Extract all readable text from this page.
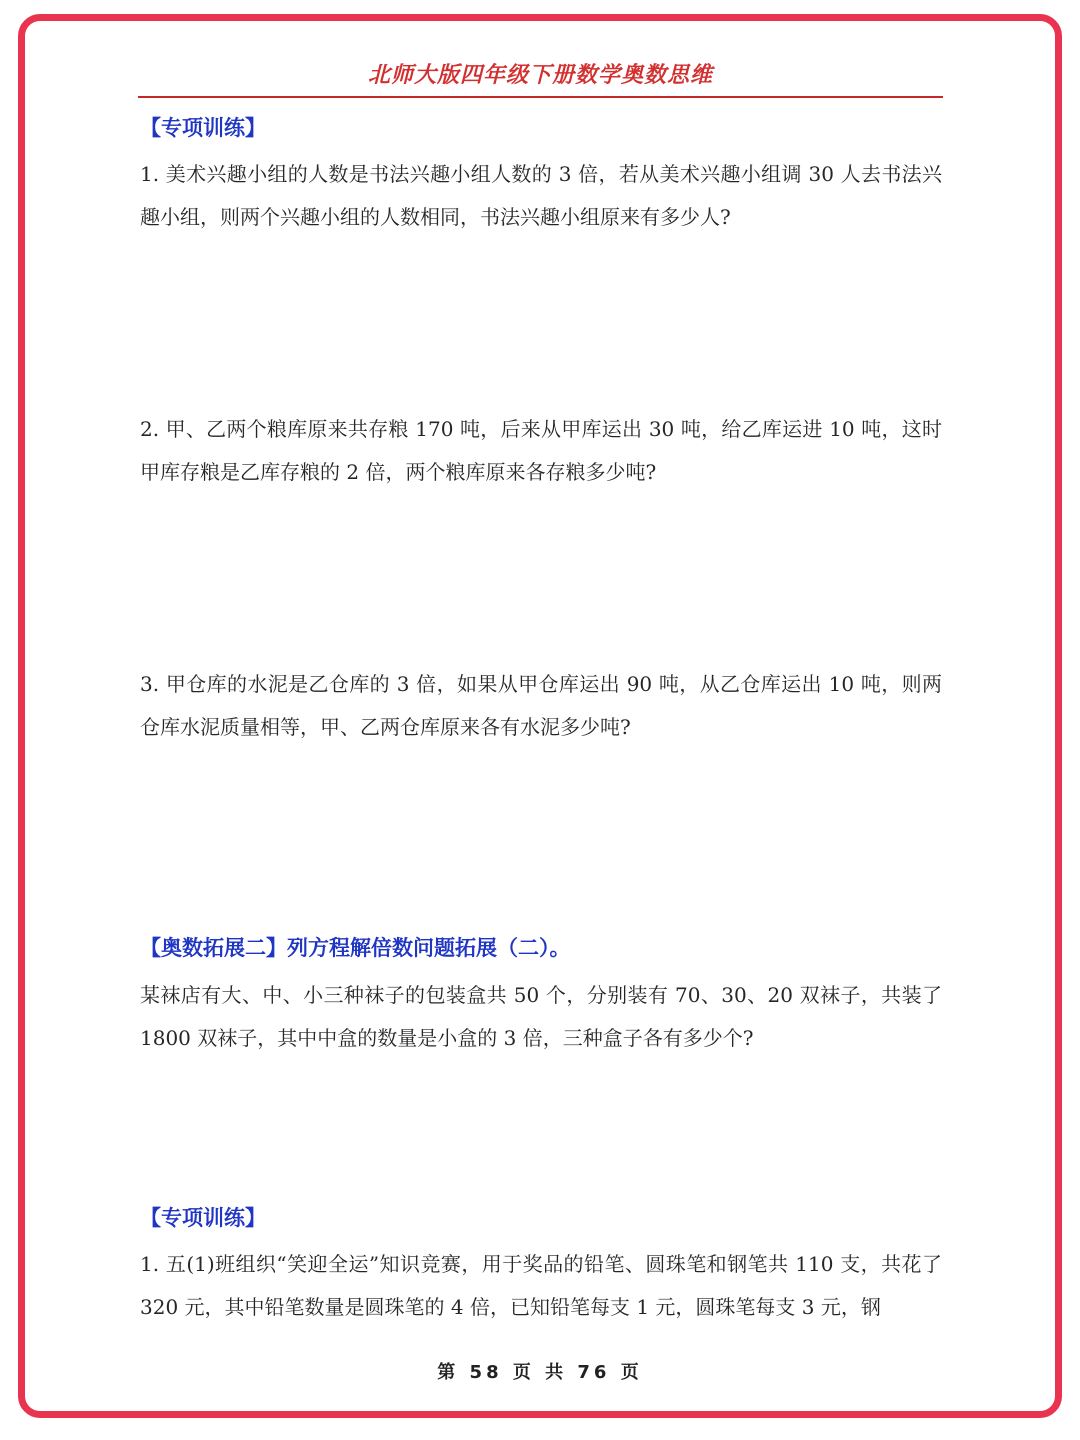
北师大版四年级下册数学奥数思维
【专项训练】
1. 美术兴趣小组的人数是书法兴趣小组人数的 3 倍，若从美术兴趣小组调 30 人去书法兴趣小组，则两个兴趣小组的人数相同，书法兴趣小组原来有多少人?
2. 甲、乙两个粮库原来共存粮 170 吨，后来从甲库运出 30 吨，给乙库运进 10 吨，这时甲库存粮是乙库存粮的 2 倍，两个粮库原来各存粮多少吨?
3. 甲仓库的水泥是乙仓库的 3 倍，如果从甲仓库运出 90 吨，从乙仓库运出 10 吨，则两仓库水泥质量相等，甲、乙两仓库原来各有水泥多少吨?
【奥数拓展二】列方程解倍数问题拓展（二）。
某袜店有大、中、小三种袜子的包装盒共 50 个，分别装有 70、30、20 双袜子，共装了 1800 双袜子，其中中盒的数量是小盒的 3 倍，三种盒子各有多少个?
【专项训练】
1. 五(1)班组织“笑迎全运”知识竞赛，用于奖品的铅笔、圆珠笔和钢笔共 110 支，共花了 320 元，其中铅笔数量是圆珠笔的 4 倍，已知铅笔每支 1 元，圆珠笔每支 3 元，钢
第 58 页 共 76 页
